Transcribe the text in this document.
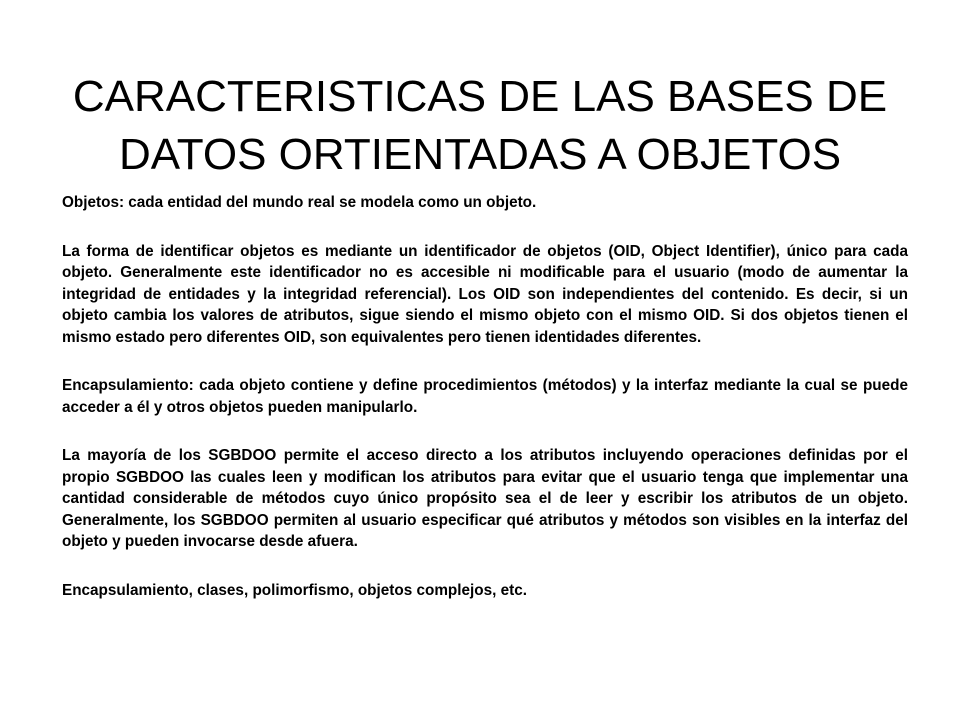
CARACTERISTICAS DE LAS BASES DE
DATOS ORTIENTADAS A OBJETOS

Objetos: cada entidad del mundo real se modela como un objeto.

La forma de identificar objetos es mediante un identificador de objetos (OID, Object Identifier), único para cada objeto. Generalmente este identificador no es accesible ni modificable para el usuario (modo de aumentar la integridad de entidades y la integridad referencial). Los OID son independientes del contenido. Es decir, si un objeto cambia los valores de atributos, sigue siendo el mismo objeto con el mismo OID. Si dos objetos tienen el mismo estado pero diferentes OID, son equivalentes pero tienen identidades diferentes.

Encapsulamiento: cada objeto contiene y define procedimientos (métodos) y la interfaz mediante la cual se puede acceder a él y otros objetos pueden manipularlo.

La mayoría de los SGBDOO permite el acceso directo a los atributos incluyendo operaciones definidas por el propio SGBDOO las cuales leen y modifican los atributos para evitar que el usuario tenga que implementar una cantidad considerable de métodos cuyo único propósito sea el de leer y escribir los atributos de un objeto. Generalmente, los SGBDOO permiten al usuario especificar qué atributos y métodos son visibles en la interfaz del objeto y pueden invocarse desde afuera.

Encapsulamiento, clases, polimorfismo, objetos complejos, etc.
